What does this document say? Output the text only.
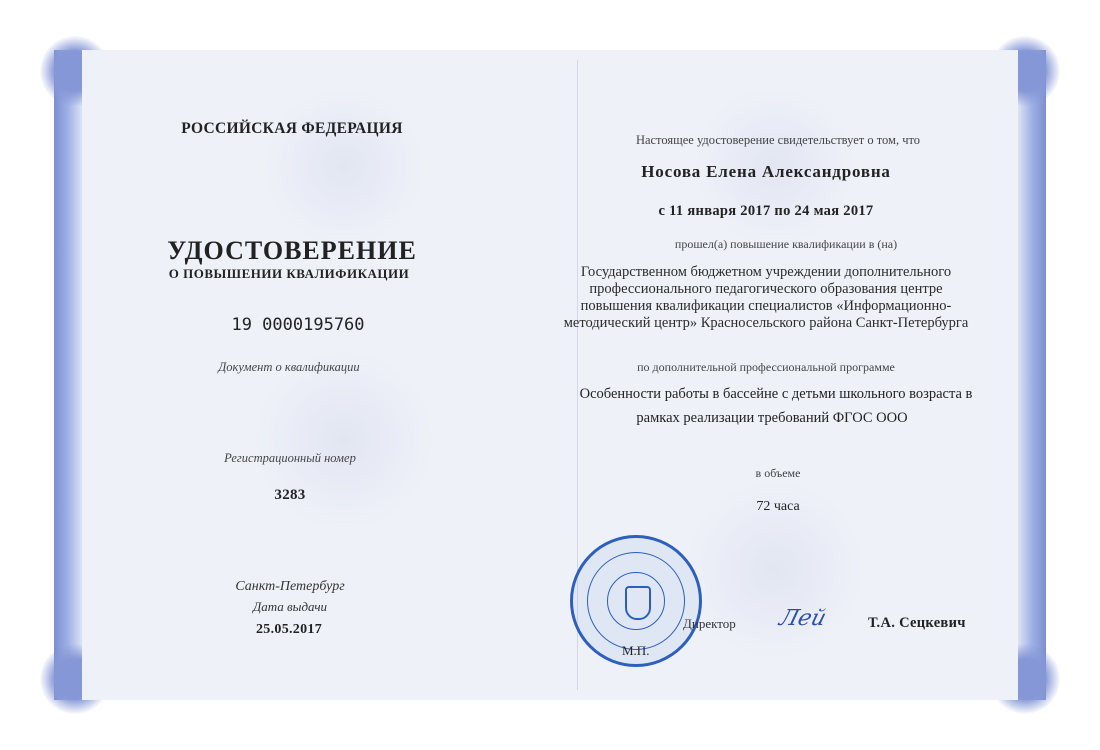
РОССИЙСКАЯ ФЕДЕРАЦИЯ
УДОСТОВЕРЕНИЕ
О ПОВЫШЕНИИ КВАЛИФИКАЦИИ
19 0000195760
Документ о квалификации
Регистрационный номер
3283
Санкт-Петербург
Дата выдачи
25.05.2017
Настоящее удостоверение свидетельствует о том, что
Носова Елена Александровна
с 11 января 2017 по 24 мая 2017
прошел(а) повышение квалификации в (на)
Государственном бюджетном учреждении дополнительного профессионального педагогического образования центре повышения квалификации специалистов «Информационно-методический центр» Красносельского района Санкт-Петербурга
по дополнительной профессиональной программе
Особенности работы в бассейне с детьми школьного возраста в
рамках реализации требований ФГОС ООО
в объеме
72 часа
М.П.
Директор Лей	Т.А. Сецкевич
